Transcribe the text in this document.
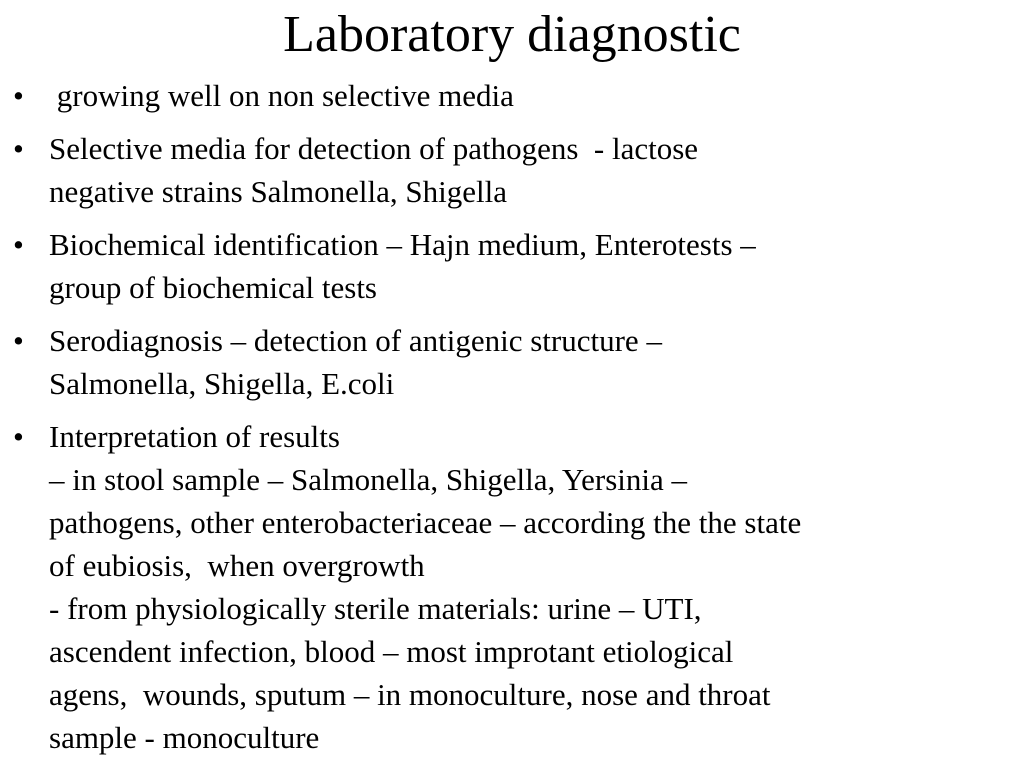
Laboratory diagnostic
• growing well on non selective media
• Selective media for detection of pathogens  - lactose
negative strains Salmonella, Shigella
• Biochemical identification – Hajn medium, Enterotests –
group of biochemical tests
• Serodiagnosis – detection of antigenic structure –
Salmonella, Shigella, E.coli
• Interpretation of results
– in stool sample – Salmonella, Shigella, Yersinia –
pathogens, other enterobacteriaceae – according the the state
of eubiosis,  when overgrowth
- from physiologically sterile materials: urine – UTI,
ascendent infection, blood – most improtant etiological
agens,  wounds, sputum – in monoculture, nose and throat
sample - monoculture
